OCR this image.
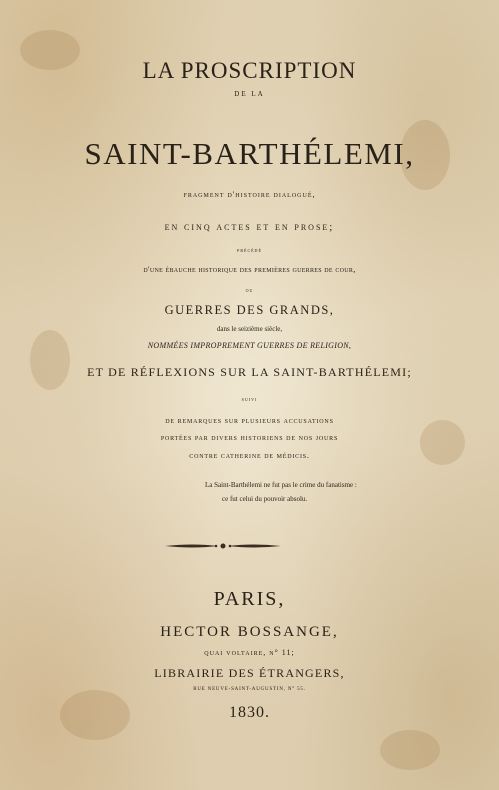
LA PROSCRIPTION
DE LA
SAINT-BARTHÉLEMI,
fragment d'histoire dialogué,
en cinq actes et en prose;
précédé
d'une ébauche historique des premières guerres de cour,
ou
GUERRES DES GRANDS,
dans le seizième siècle,
NOMMÉES IMPROPREMENT GUERRES DE RELIGION,
ET DE RÉFLEXIONS SUR LA SAINT-BARTHÉLEMI;
suivi
de remarques sur plusieurs accusations
portées par divers historiens de nos jours
contre catherine de médicis.
La Saint-Barthélemi ne fut pas le crime du fanatisme :
ce fut celui du pouvoir absolu.
PARIS,
HECTOR BOSSANGE,
quai voltaire, n° 11;
LIBRAIRIE DES ÉTRANGERS,
RUE NEUVE-SAINT-AUGUSTIN, N° 55.
1830.
